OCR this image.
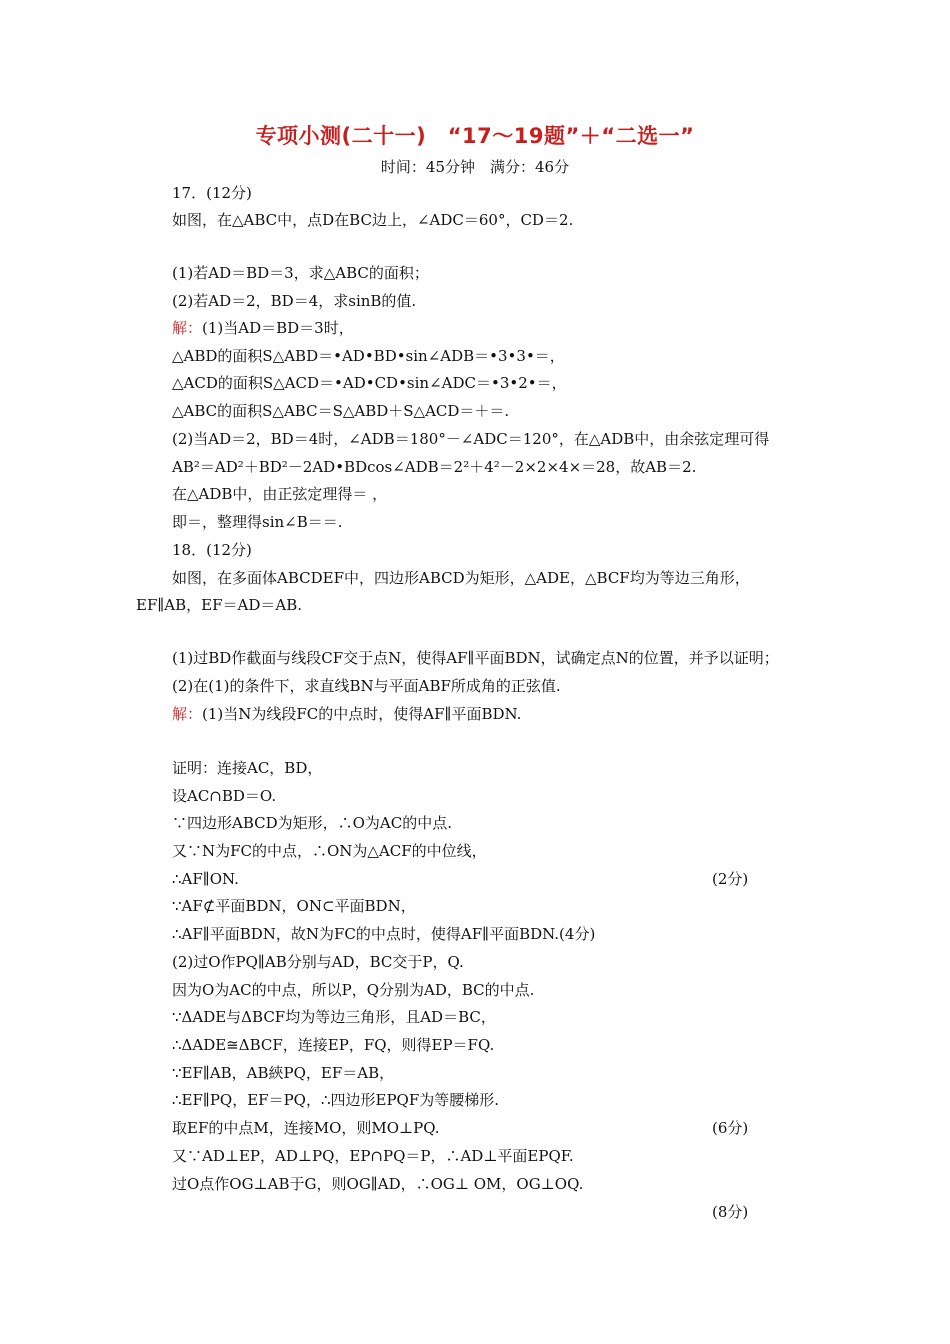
专项小测(二十一)　“17～19题”＋“二选一”
时间：45分钟　满分：46分
17．(12分)
如图，在△ABC中，点D在BC边上，∠ADC＝60°，CD＝2.
(1)若AD＝BD＝3，求△ABC的面积；
(2)若AD＝2，BD＝4，求sinB的值.
解：(1)当AD＝BD＝3时，
△ABD的面积S△ABD＝•AD•BD•sin∠ADB＝•3•3•＝，
△ACD的面积S△ACD＝•AD•CD•sin∠ADC＝•3•2•＝，
△ABC的面积S△ABC＝S△ABD＋S△ACD＝＋＝.
(2)当AD＝2，BD＝4时，∠ADB＝180°－∠ADC＝120°，在△ADB中，由余弦定理可得
AB²＝AD²＋BD²－2AD•BDcos∠ADB＝2²＋4²－2×2×4×＝28，故AB＝2.
在△ADB中，由正弦定理得＝ ，
即＝，整理得sin∠B＝＝.
18．(12分)
如图，在多面体ABCDEF中，四边形ABCD为矩形，△ADE，△BCF均为等边三角形，
EF∥AB，EF＝AD＝AB.
(1)过BD作截面与线段CF交于点N，使得AF∥平面BDN，试确定点N的位置，并予以证明；
(2)在(1)的条件下，求直线BN与平面ABF所成角的正弦值.
解：(1)当N为线段FC的中点时，使得AF∥平面BDN.
证明：连接AC，BD，
设AC∩BD＝O.
∵四边形ABCD为矩形，∴O为AC的中点.
又∵N为FC的中点，∴ON为△ACF的中位线，
∴AF∥ON.	(2分)
∵AF⊄平面BDN，ON⊂平面BDN，
∴AF∥平面BDN，故N为FC的中点时，使得AF∥平面BDN.(4分)
(2)过O作PQ∥AB分别与AD，BC交于P，Q.
因为O为AC的中点，所以P，Q分别为AD，BC的中点.
∵ΔADE与ΔBCF均为等边三角形，且AD＝BC，
∴ΔADE≅ΔBCF，连接EP，FQ，则得EP＝FQ.
∵EF∥AB，AB綊PQ，EF＝AB，
∴EF∥PQ，EF＝PQ，∴四边形EPQF为等腰梯形.
取EF的中点M，连接MO，则MO⊥PQ.	(6分)
又∵AD⊥EP，AD⊥PQ，EP∩PQ＝P，∴AD⊥平面EPQF.
过O点作OG⊥AB于G，则OG∥AD，∴OG⊥ OM，OG⊥OQ.
(8分)
